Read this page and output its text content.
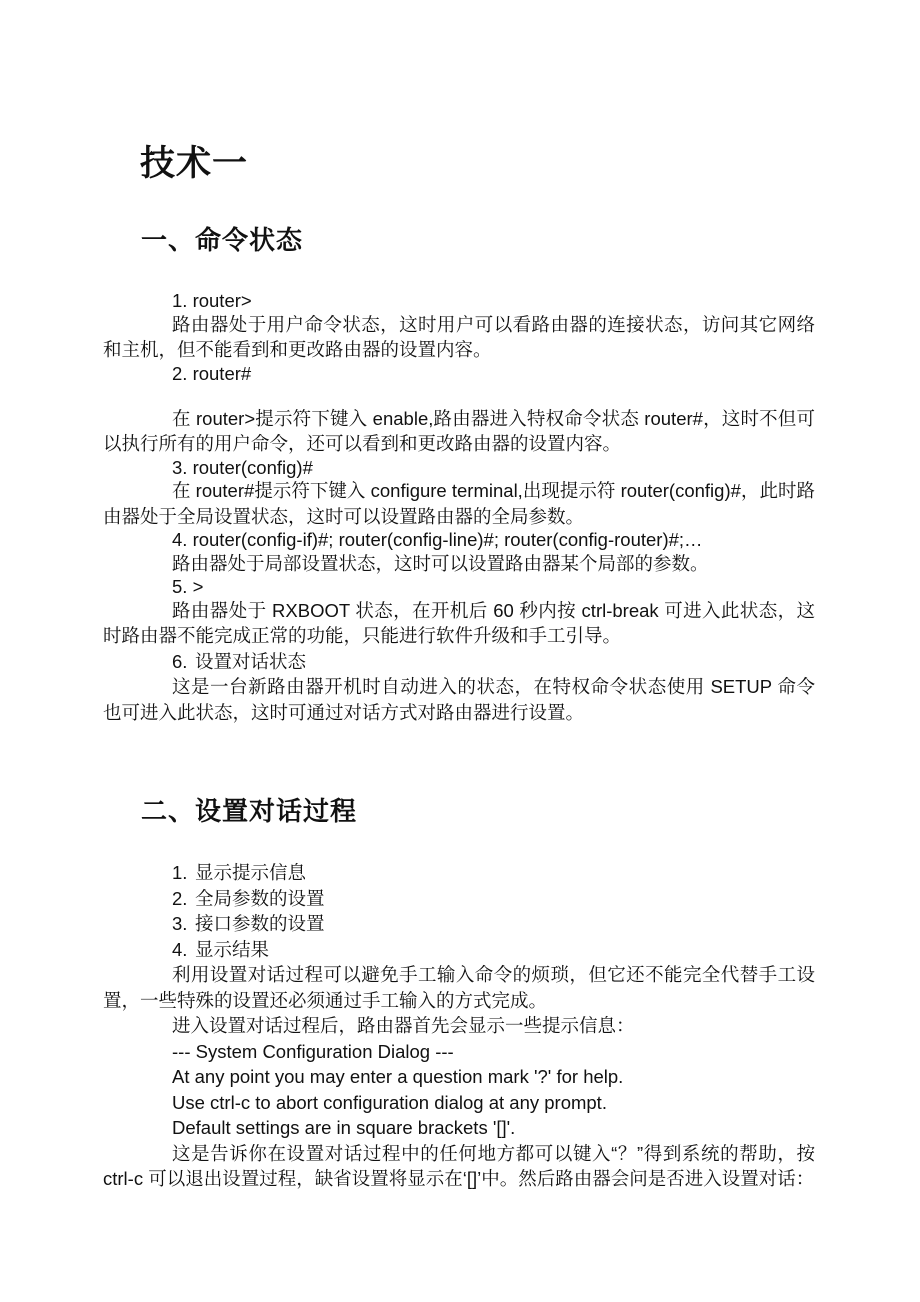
技术一
一、命令状态

1. router>

路由器处于用户命令状态，这时用户可以看路由器的连接状态，访问其它网络和主机，但不能看到和更改路由器的设置内容。

2. router#

在 router>提示符下键入 enable,路由器进入特权命令状态 router#，这时不但可以执行所有的用户命令，还可以看到和更改路由器的设置内容。

3. router(config)#

在 router#提示符下键入 configure terminal,出现提示符 router(config)#，此时路由器处于全局设置状态，这时可以设置路由器的全局参数。

4. router(config-if)#; router(config-line)#; router(config-router)#;…

路由器处于局部设置状态，这时可以设置路由器某个局部的参数。

5. >

路由器处于 RXBOOT 状态，在开机后 60 秒内按 ctrl-break 可进入此状态，这时路由器不能完成正常的功能，只能进行软件升级和手工引导。

6. 设置对话状态

这是一台新路由器开机时自动进入的状态，在特权命令状态使用 SETUP 命令也可进入此状态，这时可通过对话方式对路由器进行设置。

二、设置对话过程

1. 显示提示信息

2. 全局参数的设置

3. 接口参数的设置

4. 显示结果

利用设置对话过程可以避免手工输入命令的烦琐，但它还不能完全代替手工设置，一些特殊的设置还必须通过手工输入的方式完成。

进入设置对话过程后，路由器首先会显示一些提示信息：

--- System Configuration Dialog ---

At any point you may enter a question mark '?' for help.

Use ctrl-c to abort configuration dialog at any prompt.

Default settings are in square brackets '[]'.

这是告诉你在设置对话过程中的任何地方都可以键入“？”得到系统的帮助，按 ctrl-c 可以退出设置过程，缺省设置将显示在‘[]’中。然后路由器会问是否进入设置对话：
